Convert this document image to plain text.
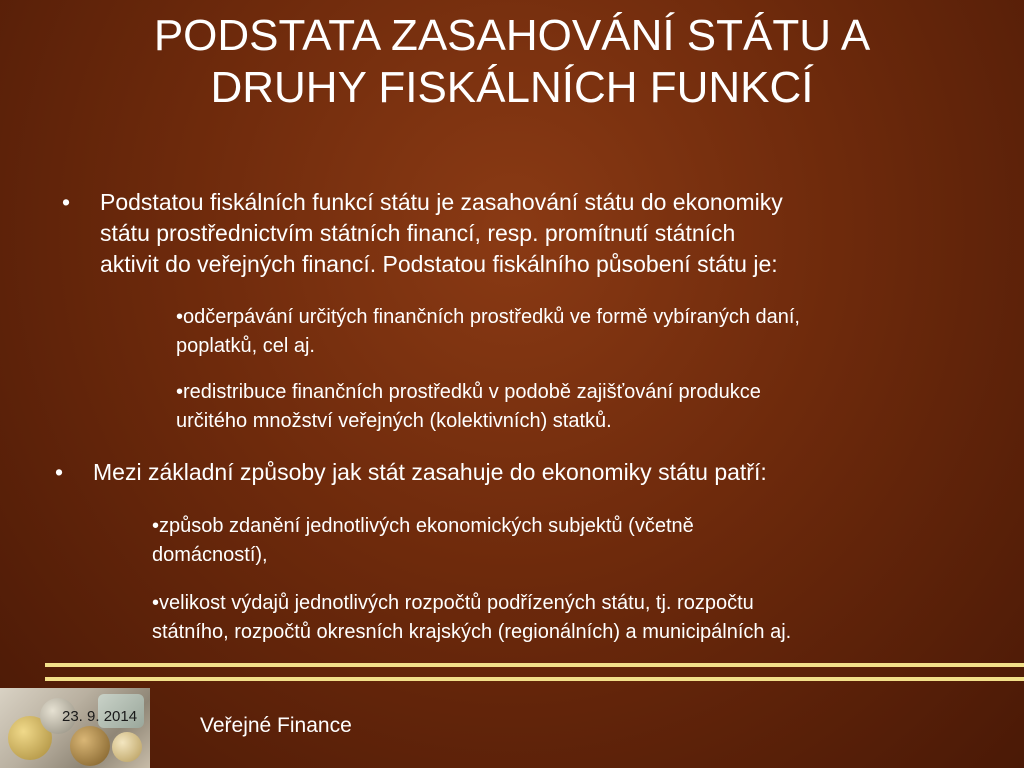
PODSTATA ZASAHOVÁNÍ STÁTU A
DRUHY FISKÁLNÍCH FUNKCÍ
• Podstatou fiskálních funkcí státu je zasahování státu do ekonomiky
státu prostřednictvím státních financí, resp. promítnutí státních
aktivit do veřejných financí. Podstatou fiskálního působení státu je:
•odčerpávání určitých finančních prostředků ve formě vybíraných daní,
poplatků, cel aj.
•redistribuce finančních prostředků v podobě zajišťování produkce
určitého množství veřejných (kolektivních) statků.
• Mezi základní způsoby jak stát zasahuje do ekonomiky státu patří:
•způsob zdanění jednotlivých ekonomických subjektů (včetně
domácností),
•velikost výdajů jednotlivých rozpočtů podřízených státu, tj. rozpočtu
státního, rozpočtů okresních krajských (regionálních) a municipálních aj.
23. 9. 2014	Veřejné Finance
